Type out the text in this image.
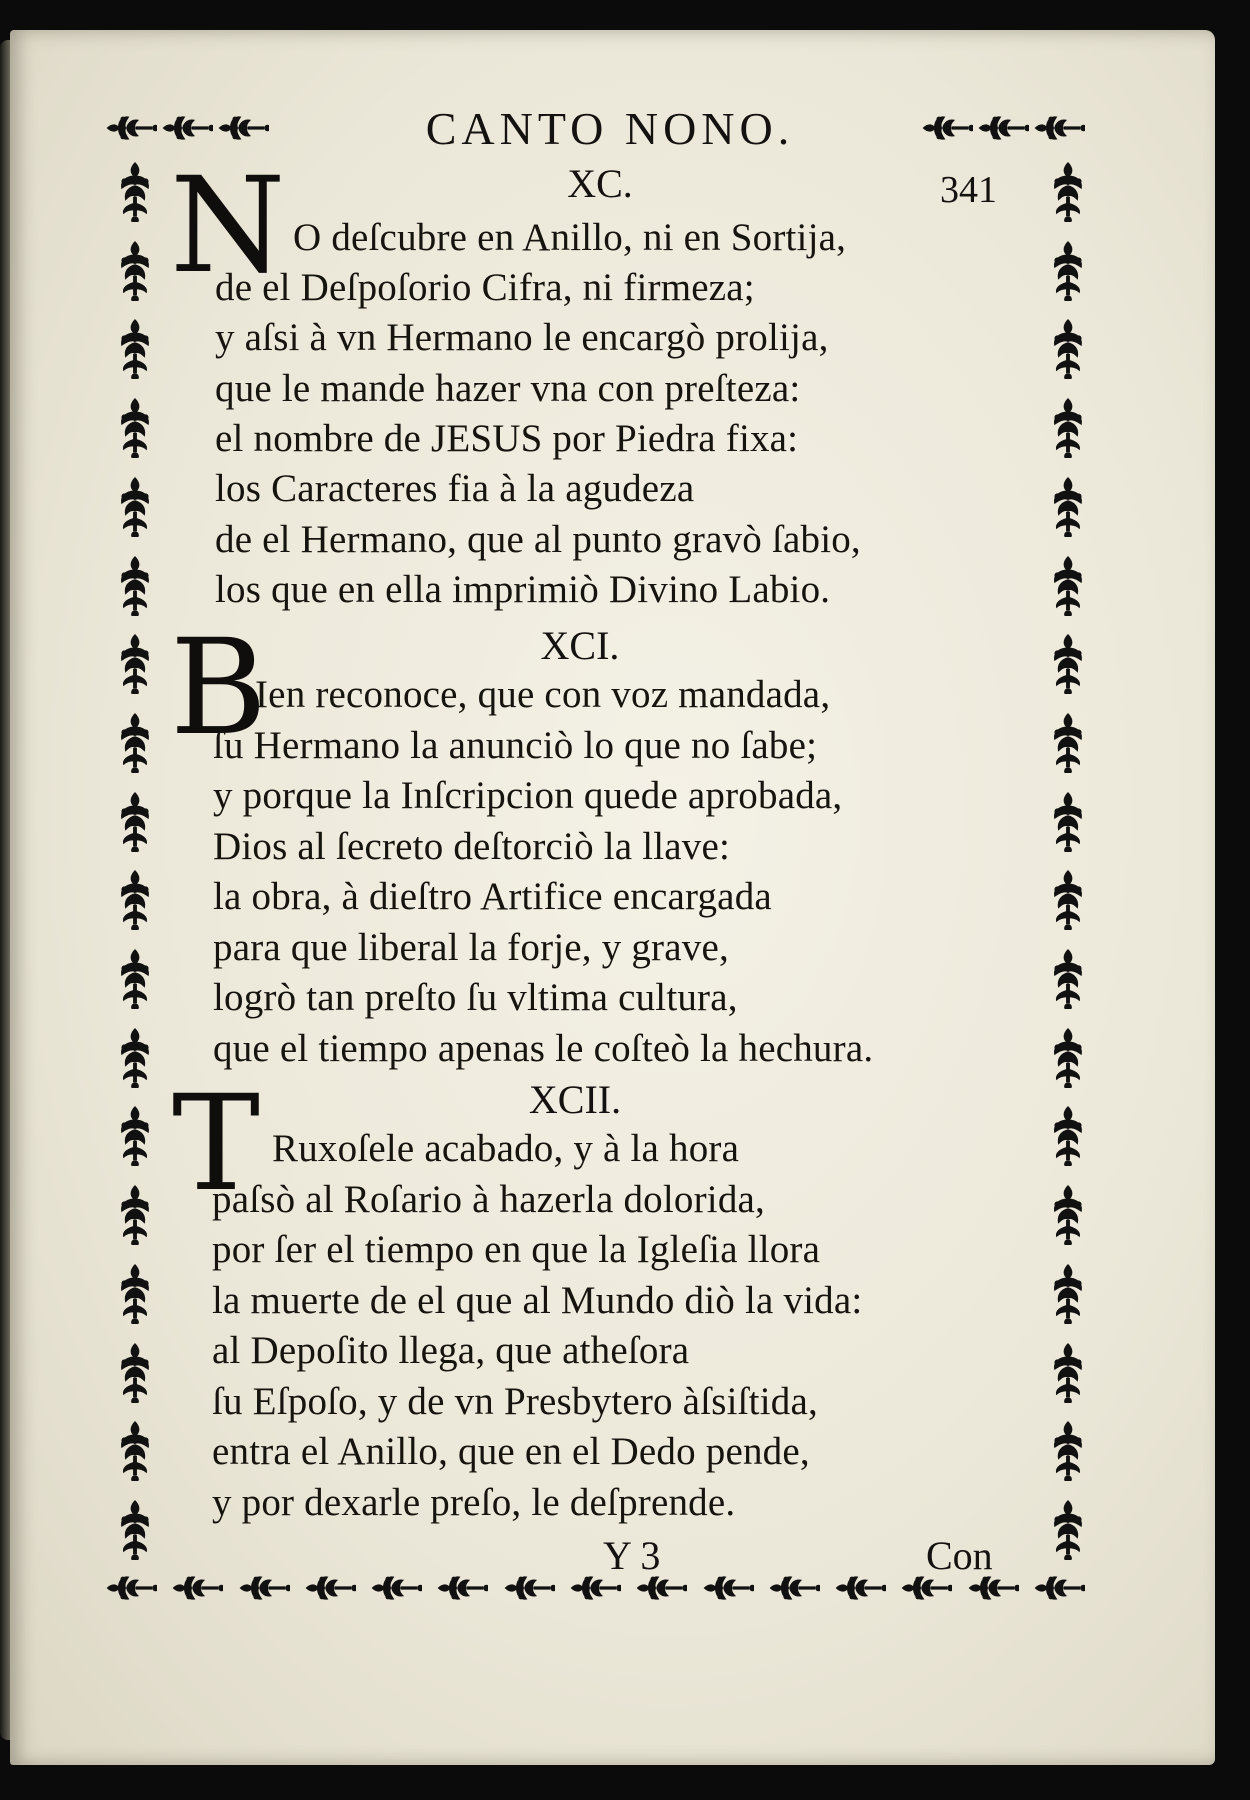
CANTO NONO.
341
XC.
N O deſcubre en Anillo, ni en Sortija,
de el Deſpoſorio Cifra, ni firmeza;
y aſsi à vn Hermano le encargò prolija,
que le mande hazer vna con preſteza:
el nombre de JESUS por Piedra fixa:
los Caracteres fia à la agudeza
de el Hermano, que al punto gravò ſabio,
los que en ella imprimiò Divino Labio.
XCI.
B
Ien reconoce, que con voz mandada,
ſu Hermano la anunciò lo que no ſabe;
y porque la Inſcripcion quede aprobada,
Dios al ſecreto deſtorciò la llave:
la obra, à dieſtro Artifice encargada
para que liberal la forje, y grave,
logrò tan preſto ſu vltima cultura,
que el tiempo apenas le coſteò la hechura.
XCII.
T Ruxoſele acabado, y à la hora
paſsò al Roſario à hazerla dolorida,
por ſer el tiempo en que la Igleſia llora
la muerte de el que al Mundo diò la vida:
al Depoſito llega, que atheſora
ſu Eſpoſo, y de vn Presbytero àſsiſtida,
entra el Anillo, que en el Dedo pende,
y por dexarle preſo, le deſprende.
Y 3	Con
